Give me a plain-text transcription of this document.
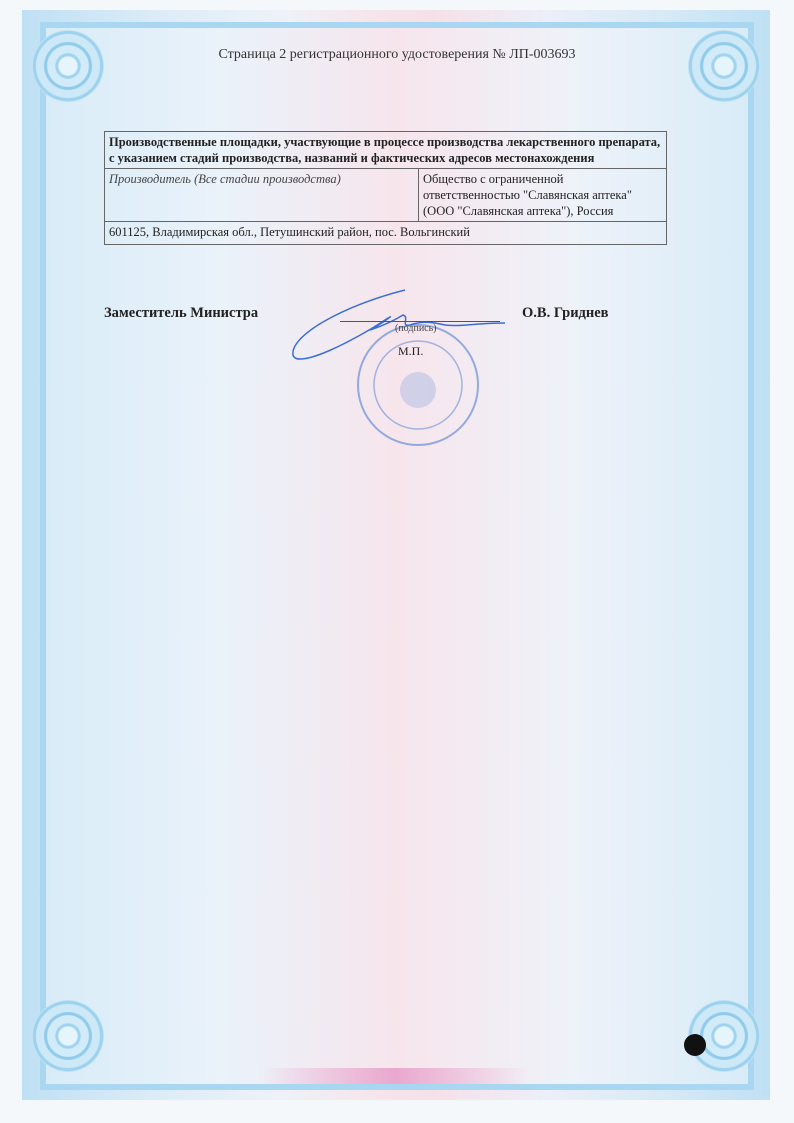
Страница 2 регистрационного удостоверения № ЛП-003693
Производственные площадки, участвующие в процессе производства лекарственного препарата, с указанием стадий производства, названий и фактических адресов местонахождения
Производитель (Все стадии производства)	Общество с ограниченной ответственностью "Славянская аптека" (ООО "Славянская аптека"), Россия
601125, Владимирская обл., Петушинский район, пос. Вольгинский
Заместитель Министра
(подпись)
М.П.
О.В. Гриднев
